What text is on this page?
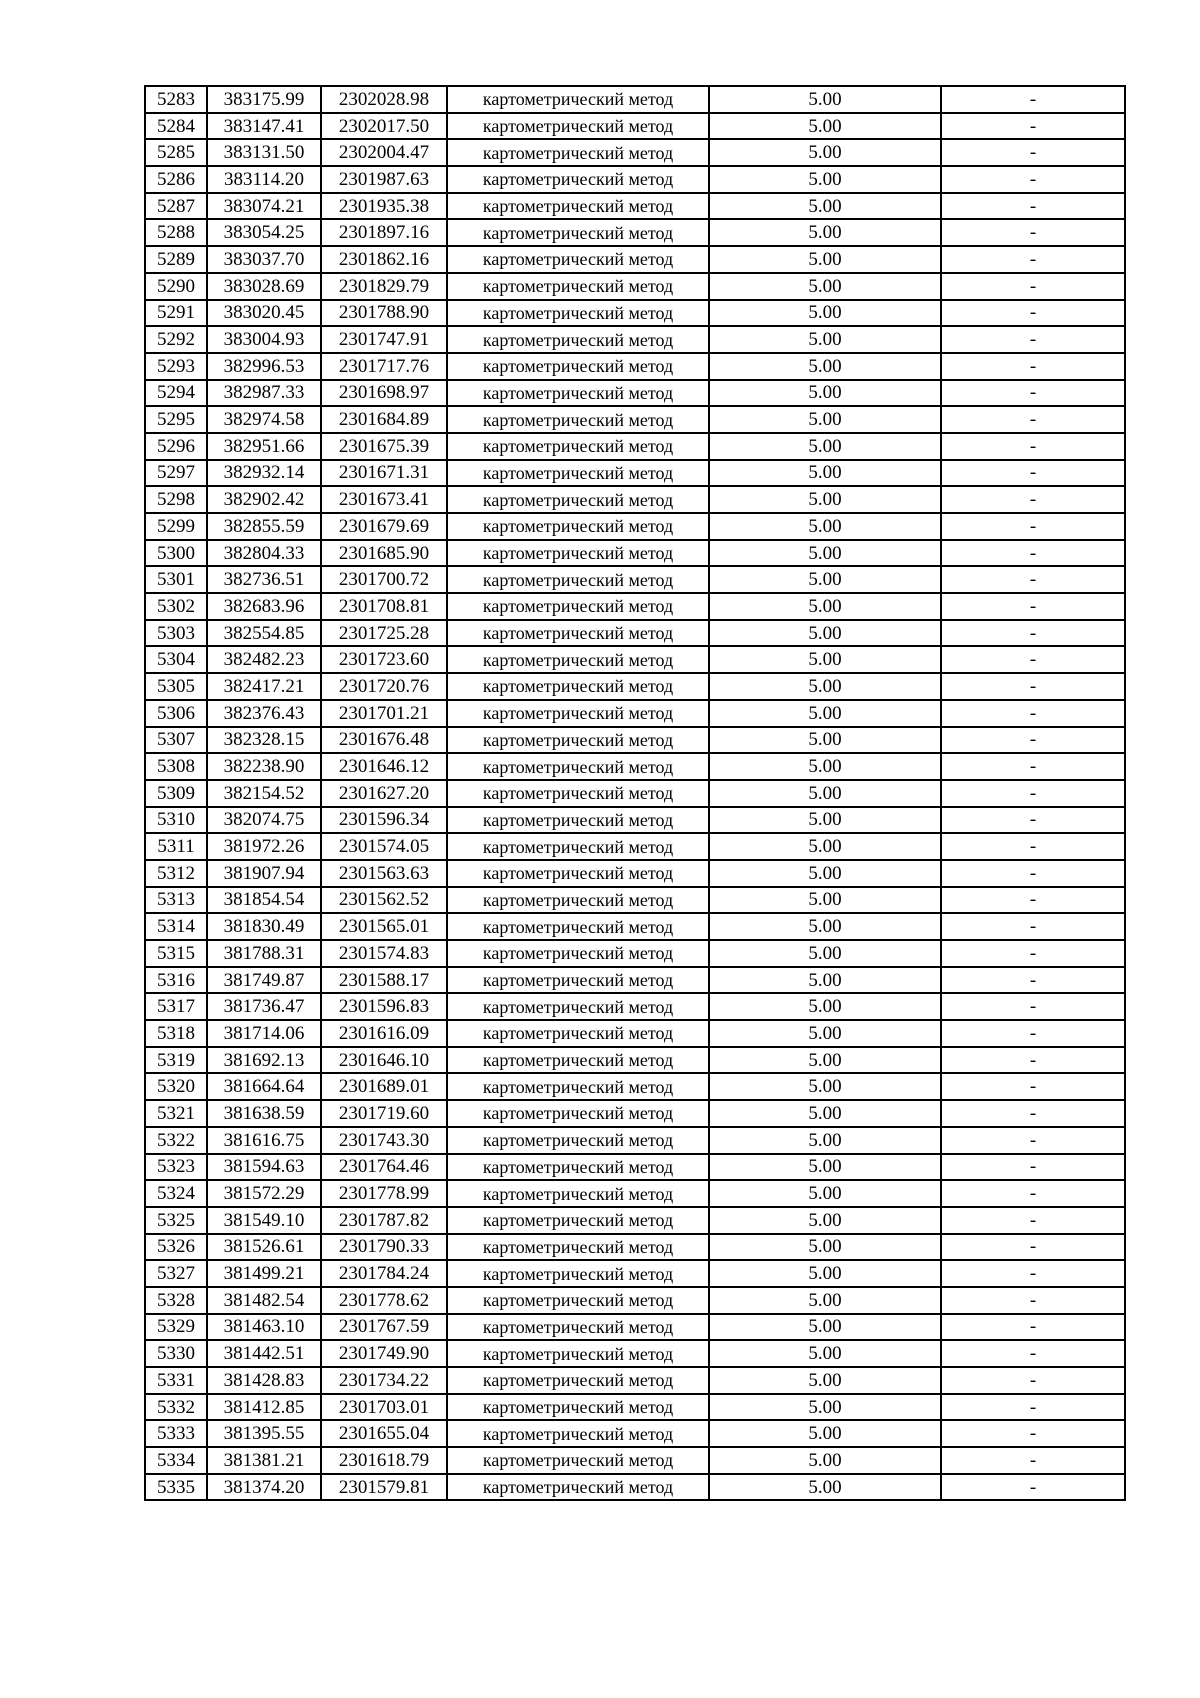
5283	383175.99	2302028.98	картометрический метод	5.00	-
5284	383147.41	2302017.50	картометрический метод	5.00	-
5285	383131.50	2302004.47	картометрический метод	5.00	-
5286	383114.20	2301987.63	картометрический метод	5.00	-
5287	383074.21	2301935.38	картометрический метод	5.00	-
5288	383054.25	2301897.16	картометрический метод	5.00	-
5289	383037.70	2301862.16	картометрический метод	5.00	-
5290	383028.69	2301829.79	картометрический метод	5.00	-
5291	383020.45	2301788.90	картометрический метод	5.00	-
5292	383004.93	2301747.91	картометрический метод	5.00	-
5293	382996.53	2301717.76	картометрический метод	5.00	-
5294	382987.33	2301698.97	картометрический метод	5.00	-
5295	382974.58	2301684.89	картометрический метод	5.00	-
5296	382951.66	2301675.39	картометрический метод	5.00	-
5297	382932.14	2301671.31	картометрический метод	5.00	-
5298	382902.42	2301673.41	картометрический метод	5.00	-
5299	382855.59	2301679.69	картометрический метод	5.00	-
5300	382804.33	2301685.90	картометрический метод	5.00	-
5301	382736.51	2301700.72	картометрический метод	5.00	-
5302	382683.96	2301708.81	картометрический метод	5.00	-
5303	382554.85	2301725.28	картометрический метод	5.00	-
5304	382482.23	2301723.60	картометрический метод	5.00	-
5305	382417.21	2301720.76	картометрический метод	5.00	-
5306	382376.43	2301701.21	картометрический метод	5.00	-
5307	382328.15	2301676.48	картометрический метод	5.00	-
5308	382238.90	2301646.12	картометрический метод	5.00	-
5309	382154.52	2301627.20	картометрический метод	5.00	-
5310	382074.75	2301596.34	картометрический метод	5.00	-
5311	381972.26	2301574.05	картометрический метод	5.00	-
5312	381907.94	2301563.63	картометрический метод	5.00	-
5313	381854.54	2301562.52	картометрический метод	5.00	-
5314	381830.49	2301565.01	картометрический метод	5.00	-
5315	381788.31	2301574.83	картометрический метод	5.00	-
5316	381749.87	2301588.17	картометрический метод	5.00	-
5317	381736.47	2301596.83	картометрический метод	5.00	-
5318	381714.06	2301616.09	картометрический метод	5.00	-
5319	381692.13	2301646.10	картометрический метод	5.00	-
5320	381664.64	2301689.01	картометрический метод	5.00	-
5321	381638.59	2301719.60	картометрический метод	5.00	-
5322	381616.75	2301743.30	картометрический метод	5.00	-
5323	381594.63	2301764.46	картометрический метод	5.00	-
5324	381572.29	2301778.99	картометрический метод	5.00	-
5325	381549.10	2301787.82	картометрический метод	5.00	-
5326	381526.61	2301790.33	картометрический метод	5.00	-
5327	381499.21	2301784.24	картометрический метод	5.00	-
5328	381482.54	2301778.62	картометрический метод	5.00	-
5329	381463.10	2301767.59	картометрический метод	5.00	-
5330	381442.51	2301749.90	картометрический метод	5.00	-
5331	381428.83	2301734.22	картометрический метод	5.00	-
5332	381412.85	2301703.01	картометрический метод	5.00	-
5333	381395.55	2301655.04	картометрический метод	5.00	-
5334	381381.21	2301618.79	картометрический метод	5.00	-
5335	381374.20	2301579.81	картометрический метод	5.00	-
